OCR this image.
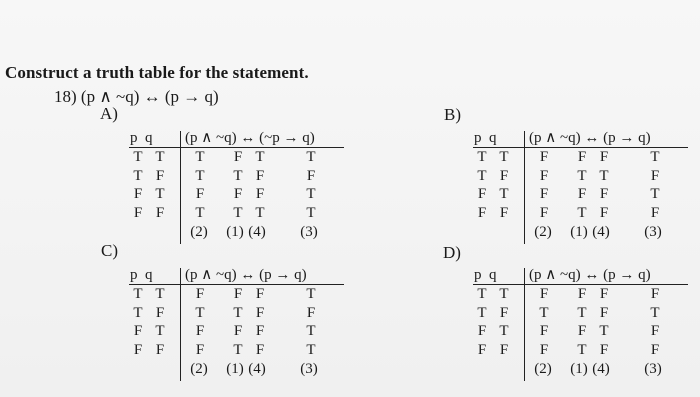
Construct a truth table for the statement.
18) (p ∧ ~q) ↔ (p → q)
A)	B)
C)	D)
p  q (p ∧ ~q) ↔ (~p → q)
T T	T	F T	T
T F	T	T F	F
F T	F	F F	T
F F	T	T T	T
(2)	(1) (4)	(3)
p  q (p ∧ ~q) ↔ (p → q)
T T	F	F F	T
T F	F	T T	F
F T	F	F F	T
F F	F	T F	F
(2)	(1) (4)	(3)
p  q (p ∧ ~q) ↔ (p → q)
T T	F	F F	T
T F	T	T F	F
F T	F	F F	T
F F	F	T F	T
(2)	(1) (4)	(3)
p  q (p ∧ ~q) ↔ (p → q)
T T	F	F F	F
T F	T	T F	T
F T	F	F T	F
F F	F	T F	F
(2)	(1) (4)	(3)
